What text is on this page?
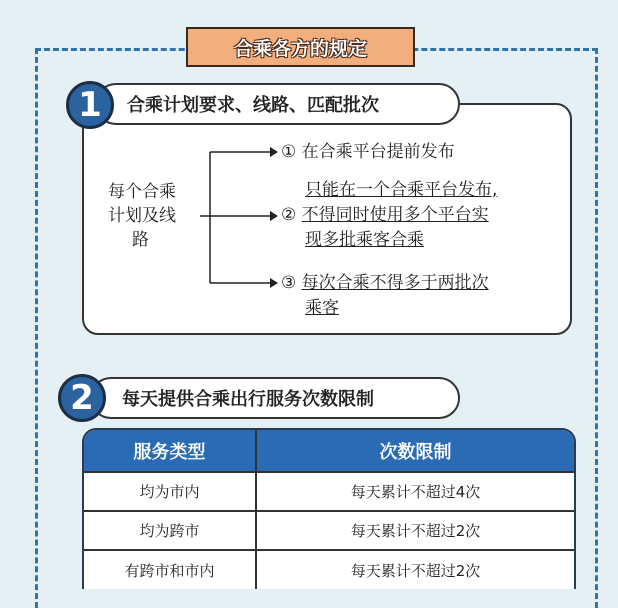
合乘各方的规定
合乘计划要求、线路、匹配批次
1
每个合乘
计划及线
路
① 在合乘平台提前发布
只能在一个合乘平台发布,
② 不得同时使用多个平台实
现多批乘客合乘
③ 每次合乘不得多于两批次
乘客
每天提供合乘出行服务次数限制
2
服务类型	次数限制
均为市内	每天累计不超过4次
均为跨市	每天累计不超过2次
有跨市和市内	每天累计不超过2次
